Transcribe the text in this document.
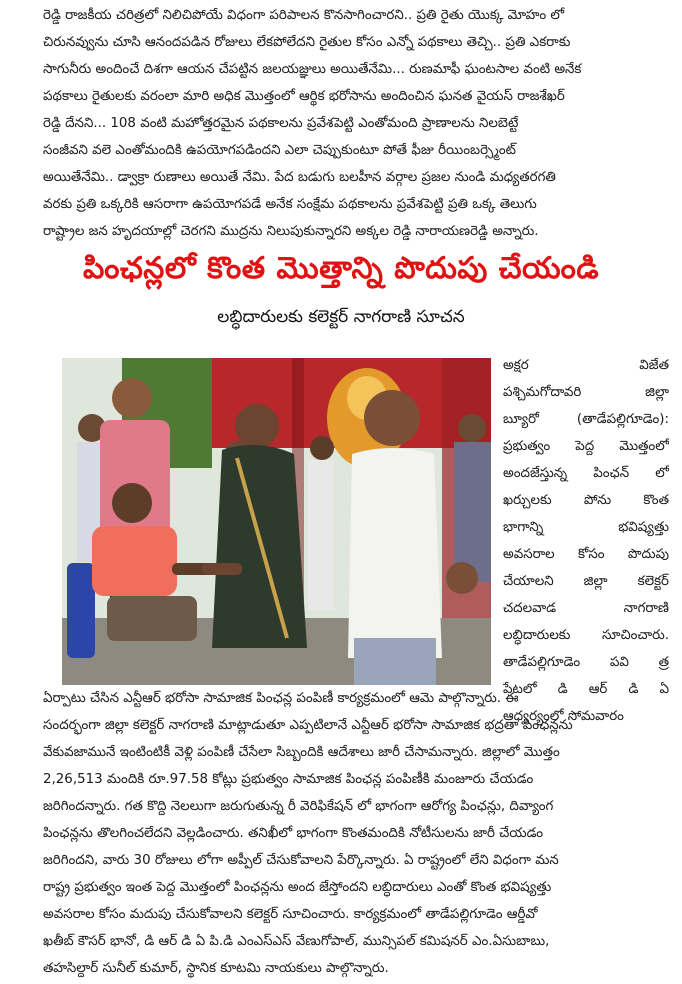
రెడ్డి రాజకీయ చరిత్రలో నిలిచిపోయే విధంగా పరిపాలన కొనసాగించారని.. ప్రతి రైతు యొక్క మోహం లో
చిరునవ్వును చూసి ఆనందపడిన రోజులు లేకపోలేదని రైతుల కోసం ఎన్నో పథకాలు తెచ్చి.. ప్రతి ఎకరాకు
సాగునీరు అందించే దిశగా ఆయన చేపట్టిన జలయజ్ఞులు అయితేనేమి... రుణమాఫీ ఘంటసాల వంటి అనేక
పథకాలు రైతులకు వరంలా మారి అధిక మొత్తంలో ఆర్థిక భరోసాను అందించిన ఘనత వైయస్ రాజశేఖర్
రెడ్డి దేనని... 108 వంటి మహోత్తరమైన పథకాలను ప్రవేశపెట్టి ఎంతోమంది ప్రాణాలను నిలబెట్టే
సంజీవని వలె ఎంతోమందికి ఉపయోగపడిందని ఎలా చెప్పుకుంటూ పోతే ఫీజు రీయింబర్స్మెంట్
అయితేనేమి.. డ్వాక్రా రుణాలు అయితే నేమి. పేద బడుగు బలహీన వర్గాల ప్రజల నుండి మధ్యతరగతి
వరకు ప్రతి ఒక్కరికి ఆసరాగా ఉపయోగపడే అనేక సంక్షేమ పథకాలను ప్రవేశపెట్టి ప్రతి ఒక్క తెలుగు
రాష్ట్రాల జన హృదయాల్లో చెరగని ముద్రను నిలుపుకున్నారని అక్కల రెడ్డి నారాయణరెడ్డి అన్నారు.
పింఛన్లలో కొంత మొత్తాన్ని పొదుపు చేయండి
లబ్ధిదారులకు కలెక్టర్ నాగరాణి సూచన
అక్షర విజేత
పశ్చిమగోదావరి జిల్లా
బ్యూరో (తాడేపల్లిగూడెం):
ప్రభుత్వం పెద్ద మొత్తంలో
అందజేస్తున్న పింఛన్ లో
ఖర్చులకు పోను కొంత
భాగాన్ని భవిష్యత్తు
అవసరాల కోసం పొదుపు
చేయాలని జిల్లా కలెక్టర్
చదలవాడ నాగరాణి
లబ్ధిదారులకు సూచించారు.
తాడేపల్లిగూడెం పవి త్ర
పేటలో డి ఆర్ డి ఏ
ఆధ్వర్యంలో సోమవారం
ఏర్పాటు చేసిన ఎన్టీఆర్ భరోసా సామాజిక పింఛన్ల పంపిణీ కార్యక్రమంలో ఆమె పాల్గొన్నారు. ఈ
సందర్భంగా జిల్లా కలెక్టర్ నాగరాణి మాట్లాడుతూ ఎప్పటిలానే ఎన్టీఆర్ భరోసా సామాజిక భద్రతా పింఛన్లను
వేకువజామునే ఇంటింటికీ వెళ్లి పంపిణీ చేసేలా సిబ్బందికి ఆదేశాలు జారీ చేసామన్నారు. జిల్లాలో మొత్తం
2,26,513 మందికి రూ.97.58 కోట్లు ప్రభుత్వం సామాజిక పింఛన్ల పంపిణీకి మంజూరు చేయడం
జరిగిందన్నారు. గత కొద్ది నెలలుగా జరుగుతున్న రీ వెరిఫికేషన్ లో భాగంగా ఆరోగ్య పింఛన్లు, దివ్యాంగ
పింఛన్లను తొలగించలేదని వెల్లడించారు. తనిఖీలో భాగంగా కొంతమందికి నోటీసులను జారీ చేయడం
జరిగిందని, వారు 30 రోజులు లోగా అప్పీల్ చేసుకోవాలని పేర్కొన్నారు. ఏ రాష్ట్రంలో లేని విధంగా మన
రాష్ట్ర ప్రభుత్వం ఇంత పెద్ద మొత్తంలో పింఛన్లను అంద జేస్తోందని లబ్ధిదారులు ఎంతో కొంత భవిష్యత్తు
అవసరాల కోసం మదుపు చేసుకోవాలని కలెక్టర్ సూచించారు. కార్యక్రమంలో తాడేపల్లిగూడెం ఆర్డీవో
ఖతీబ్ కౌసర్ భానో, డి ఆర్ డి ఏ పి.డి ఎంఎస్ఎస్ వేణుగోపాల్, మున్సిపల్ కమిషనర్ ఎం.ఏసుబాబు,
తహసిల్దార్ సునీల్ కుమార్, స్థానిక కూటమి నాయకులు పాల్గొన్నారు.
